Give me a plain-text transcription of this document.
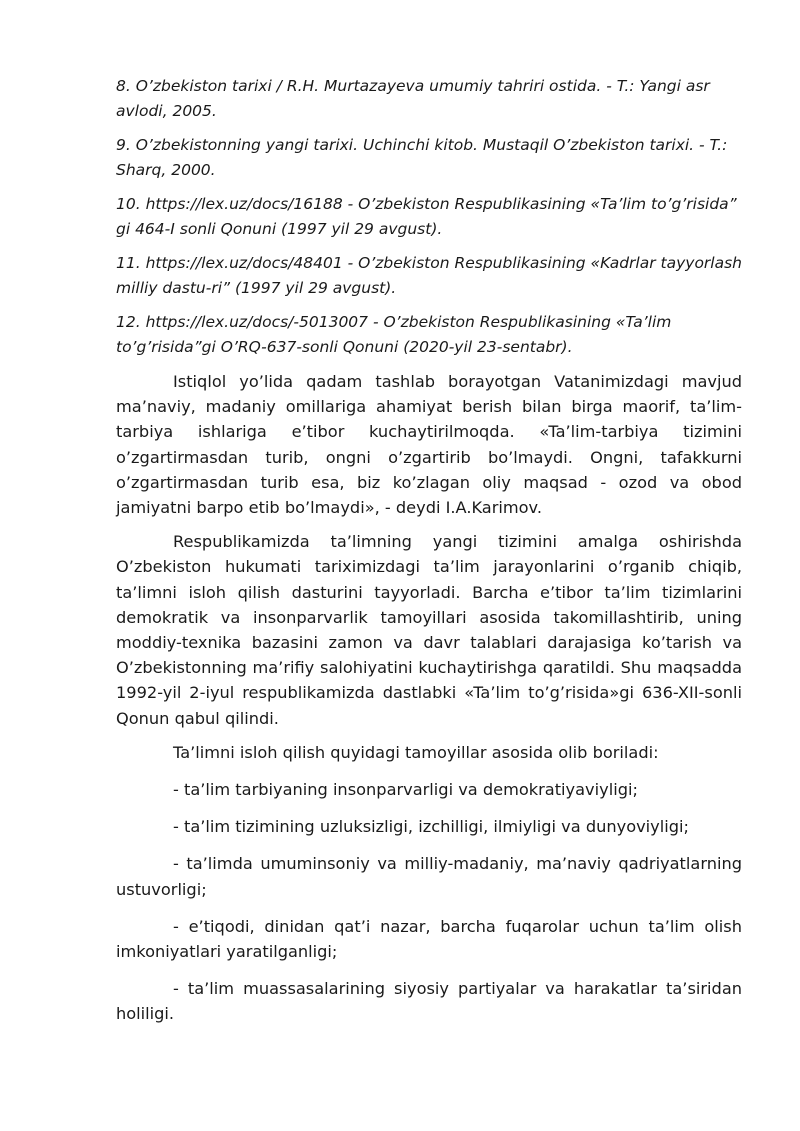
8. O’zbekiston tarixi / R.H. Murtazayeva umumiy tahriri ostida. - T.: Yangi asr avlodi, 2005.

9. O’zbekistonning yangi tarixi. Uchinchi kitob. Mustaqil O’zbekiston tarixi. - T.: Sharq, 2000.

10. https://lex.uz/docs/16188 - O’zbekiston Respublikasining «Ta’lim to’g’risida” gi 464-I sonli Qonuni (1997 yil 29 avgust).

11. https://lex.uz/docs/48401 - O’zbekiston Respublikasining «Kadrlar tayyorlash milliy dastu-ri” (1997 yil 29 avgust).

12. https://lex.uz/docs/-5013007 - O’zbekiston Respublikasining «Ta’lim to’g’risida”gi O’RQ-637-sonli Qonuni (2020-yil 23-sentabr).

Istiqlol yo’lida qadam tashlab borayotgan Vatanimizdagi mavjud ma’naviy, madaniy omillariga ahamiyat berish bilan birga maorif, ta’lim-tarbiya ishlariga e’tibor kuchaytirilmoqda. «Ta’lim-tarbiya tizimini o’zgartirmasdan turib, ongni o’zgartirib bo’lmaydi. Ongni, tafakkurni o’zgartirmasdan turib esa, biz ko’zlagan oliy maqsad - ozod va obod jamiyatni barpo etib bo’lmaydi», - deydi I.A.Karimov.

Respublikamizda ta’limning yangi tizimini amalga oshirishda O’zbekiston hukumati tariximizdagi ta’lim jarayonlarini o’rganib chiqib, ta’limni isloh qilish dasturini tayyorladi. Barcha e’tibor ta’lim tizimlarini demokratik va insonparvarlik tamoyillari asosida takomillashtirib, uning moddiy-texnika bazasini zamon va davr talablari darajasiga ko’tarish va O’zbekistonning ma’rifiy salohiyatini kuchaytirishga qaratildi. Shu maqsadda 1992-yil 2-iyul respublikamizda dastlabki «Ta’lim to’g’risida»gi 636-XII-sonli Qonun qabul qilindi.

Ta’limni isloh qilish quyidagi tamoyillar asosida olib boriladi:

- ta’lim tarbiyaning insonparvarligi va demokratiyaviyligi;

- ta’lim tizimining uzluksizligi, izchilligi, ilmiyligi va dunyoviyligi;

- ta’limda umuminsoniy va milliy-madaniy, ma’naviy qadriyatlarning ustuvorligi;

- e’tiqodi, dinidan qat’i nazar, barcha fuqarolar uchun ta’lim olish imkoniyatlari yaratilganligi;

- ta’lim muassasalarining siyosiy partiyalar va harakatlar ta’siridan holiligi.
